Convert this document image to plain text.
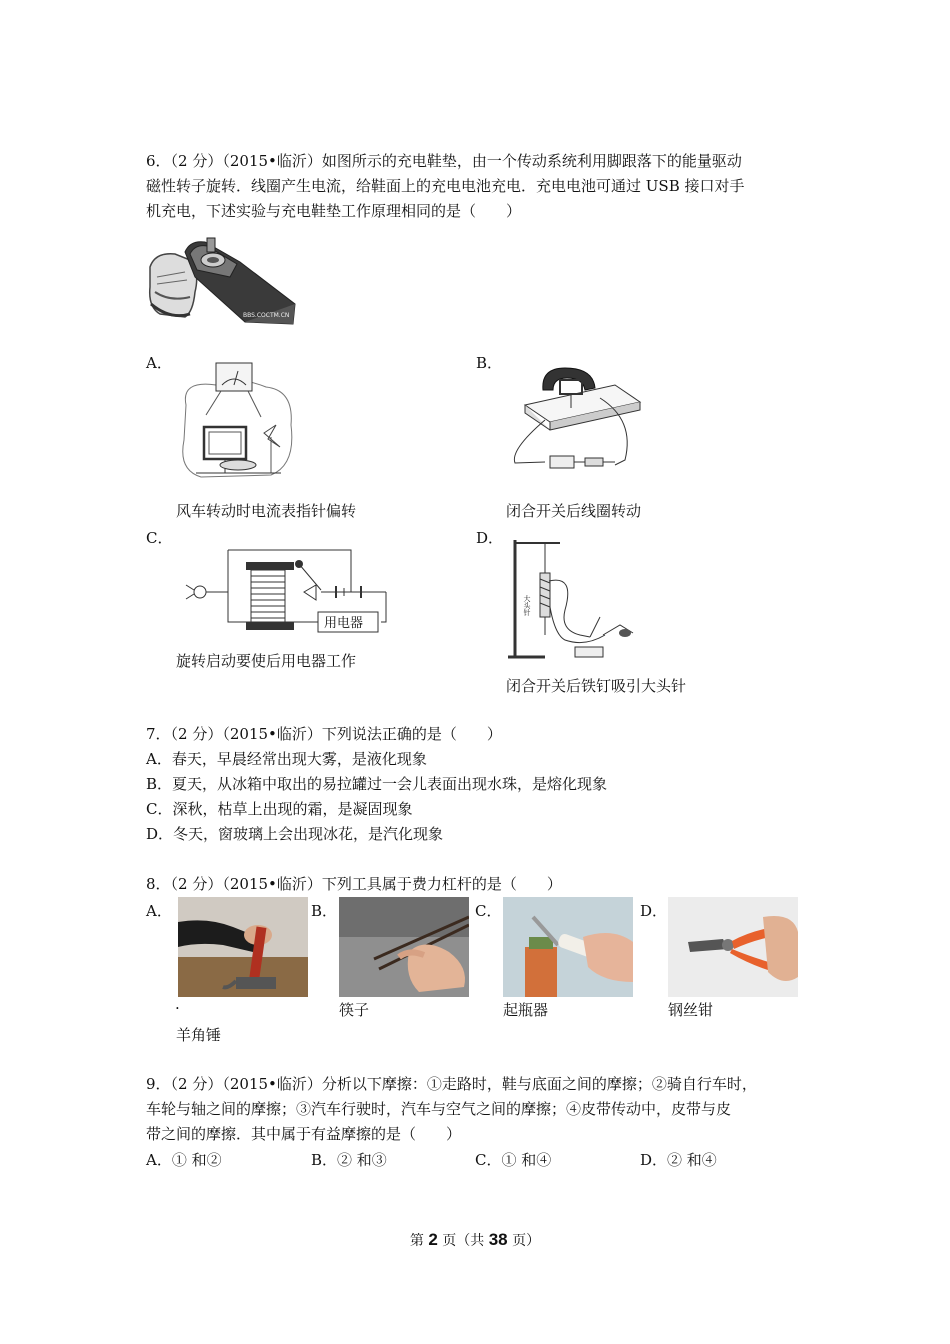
6．（2 分）（2015•临沂）如图所示的充电鞋垫，由一个传动系统利用脚跟落下的能量驱动
磁性转子旋转．线圈产生电流，给鞋面上的充电电池充电．充电电池可通过 USB 接口对手
机充电，下述实验与充电鞋垫工作原理相同的是（　　）
BBS.COCTM.CN
A．
风车转动时电流表指针偏转
B．
闭合开关后线圈转动
C．
用电器
旋转启动要使后用电器工作
D．
大头针
闭合开关后铁钉吸引大头针
7．（2 分）（2015•临沂）下列说法正确的是（　　）
A．春天，早晨经常出现大雾，是液化现象
B．夏天，从冰箱中取出的易拉罐过一会儿表面出现水珠，是熔化现象
C．深秋，枯草上出现的霜，是凝固现象
D．冬天，窗玻璃上会出现冰花，是汽化现象
8．（2 分）（2015•临沂）下列工具属于费力杠杆的是（　　）
A．
.
羊角锤
B．
筷子
C．
起瓶器
D．
钢丝钳
9．（2 分）（2015•临沂）分析以下摩擦：①走路时，鞋与底面之间的摩擦；②骑自行车时，
车轮与轴之间的摩擦；③汽车行驶时，汽车与空气之间的摩擦；④皮带传动中，皮带与皮
带之间的摩擦．其中属于有益摩擦的是（　　）
A．① 和②	B．② 和③	C．① 和④	D．② 和④
第 2 页（共 38 页）
